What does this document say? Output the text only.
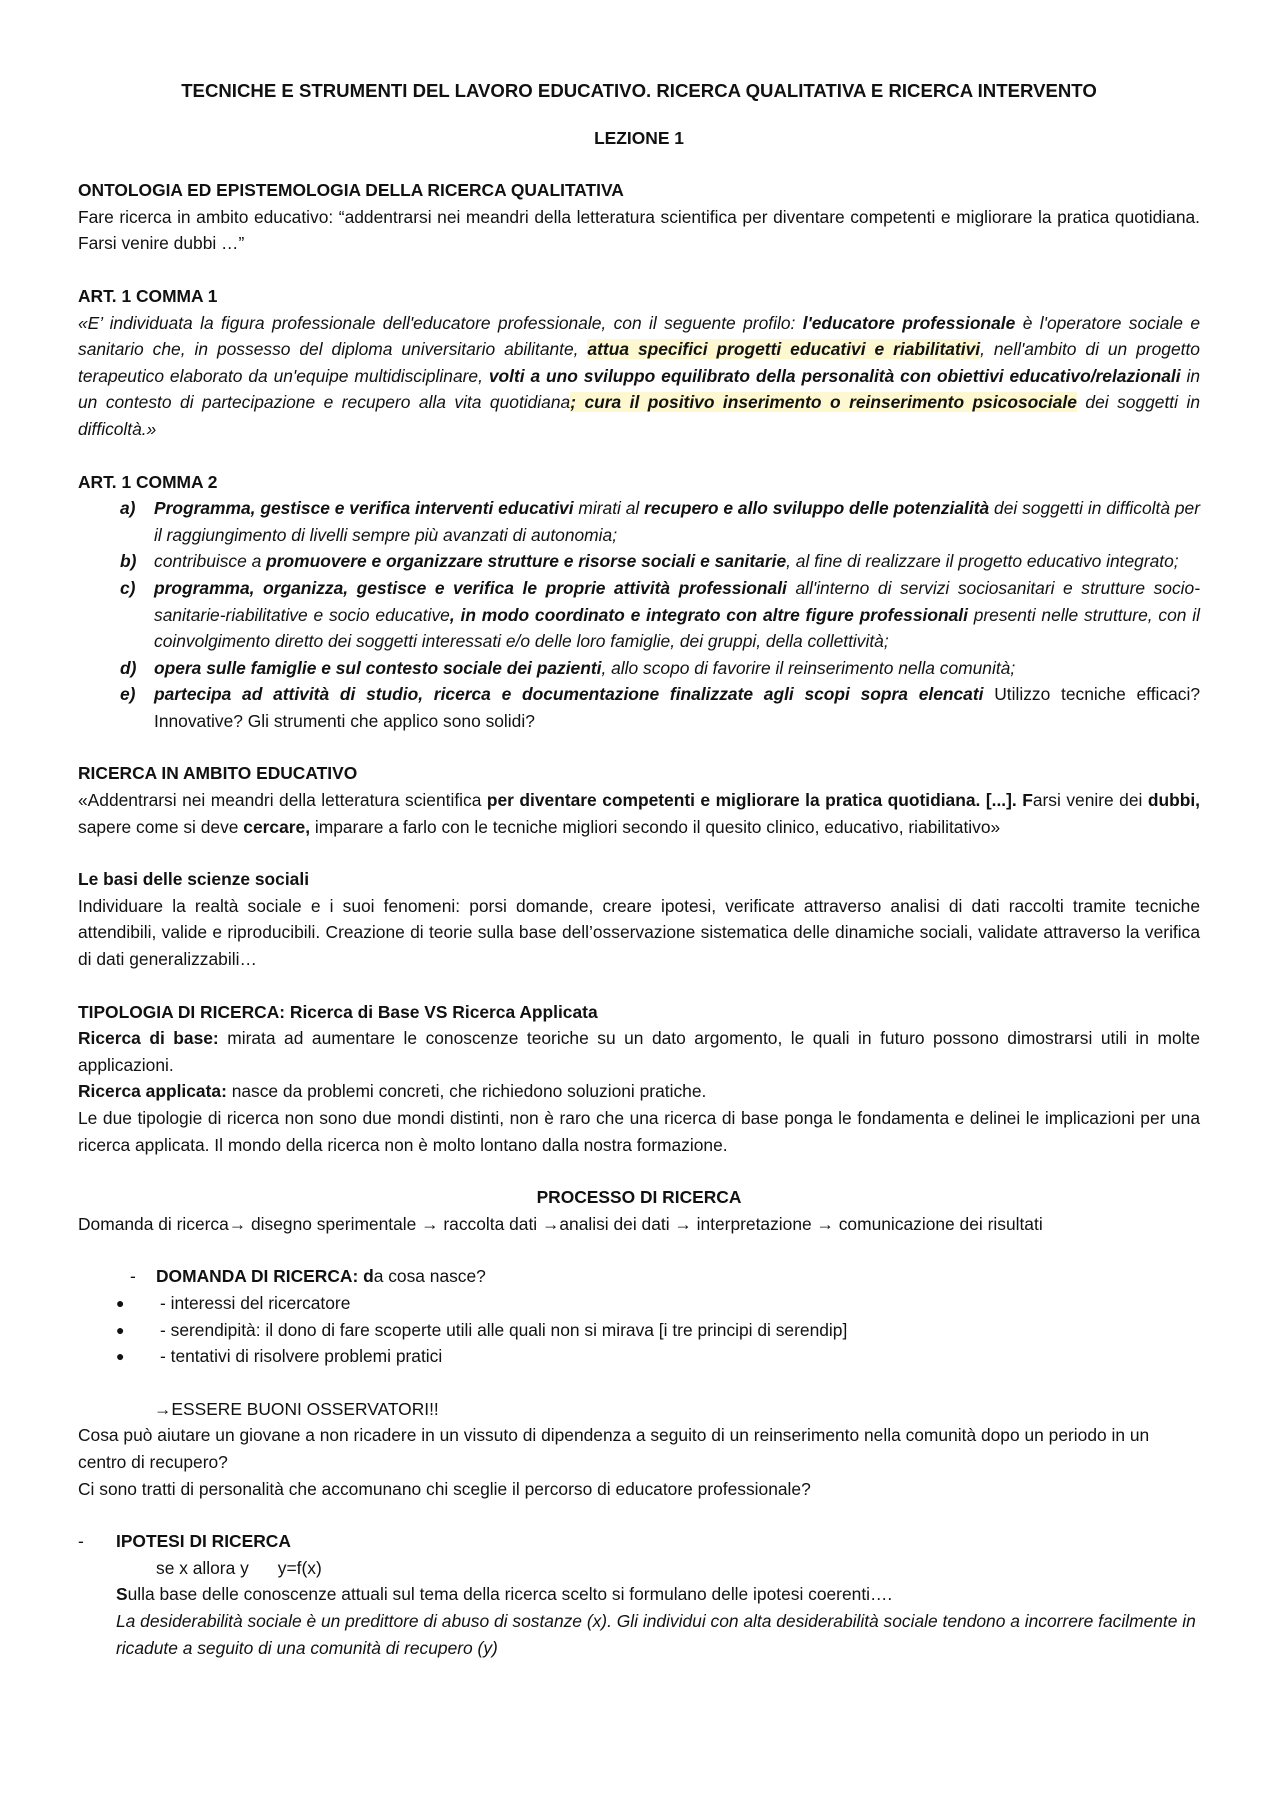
TECNICHE E STRUMENTI DEL LAVORO EDUCATIVO. RICERCA QUALITATIVA E RICERCA INTERVENTO

LEZIONE 1

ONTOLOGIA ED EPISTEMOLOGIA DELLA RICERCA QUALITATIVA

Fare ricerca in ambito educativo: “addentrarsi nei meandri della letteratura scientifica per diventare competenti e migliorare la pratica quotidiana. Farsi venire dubbi …”

ART. 1 COMMA 1

«E’ individuata la figura professionale dell'educatore professionale, con il seguente profilo: l'educatore professionale è l'operatore sociale e sanitario che, in possesso del diploma universitario abilitante, attua specifici progetti educativi e riabilitativi, nell'ambito di un progetto terapeutico elaborato da un'equipe multidisciplinare, volti a uno sviluppo equilibrato della personalità con obiettivi educativo/relazionali in un contesto di partecipazione e recupero alla vita quotidiana; cura il positivo inserimento o reinserimento psicosociale dei soggetti in difficoltà.»

ART. 1 COMMA 2

a) Programma, gestisce e verifica interventi educativi mirati al recupero e allo sviluppo delle potenzialità dei soggetti in difficoltà per il raggiungimento di livelli sempre più avanzati di autonomia;
b) contribuisce a promuovere e organizzare strutture e risorse sociali e sanitarie, al fine di realizzare il progetto educativo integrato;
c) programma, organizza, gestisce e verifica le proprie attività professionali all'interno di servizi sociosanitari e strutture socio-sanitarie-riabilitative e socio educative, in modo coordinato e integrato con altre figure professionali presenti nelle strutture, con il coinvolgimento diretto dei soggetti interessati e/o delle loro famiglie, dei gruppi, della collettività;
d) opera sulle famiglie e sul contesto sociale dei pazienti, allo scopo di favorire il reinserimento nella comunità;
e) partecipa ad attività di studio, ricerca e documentazione finalizzate agli scopi sopra elencati Utilizzo tecniche efficaci? Innovative? Gli strumenti che applico sono solidi?

RICERCA IN AMBITO EDUCATIVO

«Addentrarsi nei meandri della letteratura scientifica per diventare competenti e migliorare la pratica quotidiana. [...]. Farsi venire dei dubbi, sapere come si deve cercare, imparare a farlo con le tecniche migliori secondo il quesito clinico, educativo, riabilitativo»

Le basi delle scienze sociali

Individuare la realtà sociale e i suoi fenomeni: porsi domande, creare ipotesi, verificate attraverso analisi di dati raccolti tramite tecniche attendibili, valide e riproducibili. Creazione di teorie sulla base dell’osservazione sistematica delle dinamiche sociali, validate attraverso la verifica di dati generalizzabili…

TIPOLOGIA DI RICERCA: Ricerca di Base VS Ricerca Applicata

Ricerca di base: mirata ad aumentare le conoscenze teoriche su un dato argomento, le quali in futuro possono dimostrarsi utili in molte applicazioni.

Ricerca applicata: nasce da problemi concreti, che richiedono soluzioni pratiche.

Le due tipologie di ricerca non sono due mondi distinti, non è raro che una ricerca di base ponga le fondamenta e delinei le implicazioni per una ricerca applicata. Il mondo della ricerca non è molto lontano dalla nostra formazione.

PROCESSO DI RICERCA

Domanda di ricerca→ disegno sperimentale → raccolta dati →analisi dei dati → interpretazione → comunicazione dei risultati

- DOMANDA DI RICERCA: da cosa nasce?
● - interessi del ricercatore
● - serendipità: il dono di fare scoperte utili alle quali non si mirava [i tre principi di serendip]
● - tentativi di risolvere problemi pratici

→ESSERE BUONI OSSERVATORI!!

Cosa può aiutare un giovane a non ricadere in un vissuto di dipendenza a seguito di un reinserimento nella comunità dopo un periodo in un centro di recupero?

Ci sono tratti di personalità che accomunano chi sceglie il percorso di educatore professionale?

- IPOTESI DI RICERCA

se x allora y      y=f(x)

Sulla base delle conoscenze attuali sul tema della ricerca scelto si formulano delle ipotesi coerenti….

La desiderabilità sociale è un predittore di abuso di sostanze (x). Gli individui con alta desiderabilità sociale tendono a incorrere facilmente in ricadute a seguito di una comunità di recupero (y)
